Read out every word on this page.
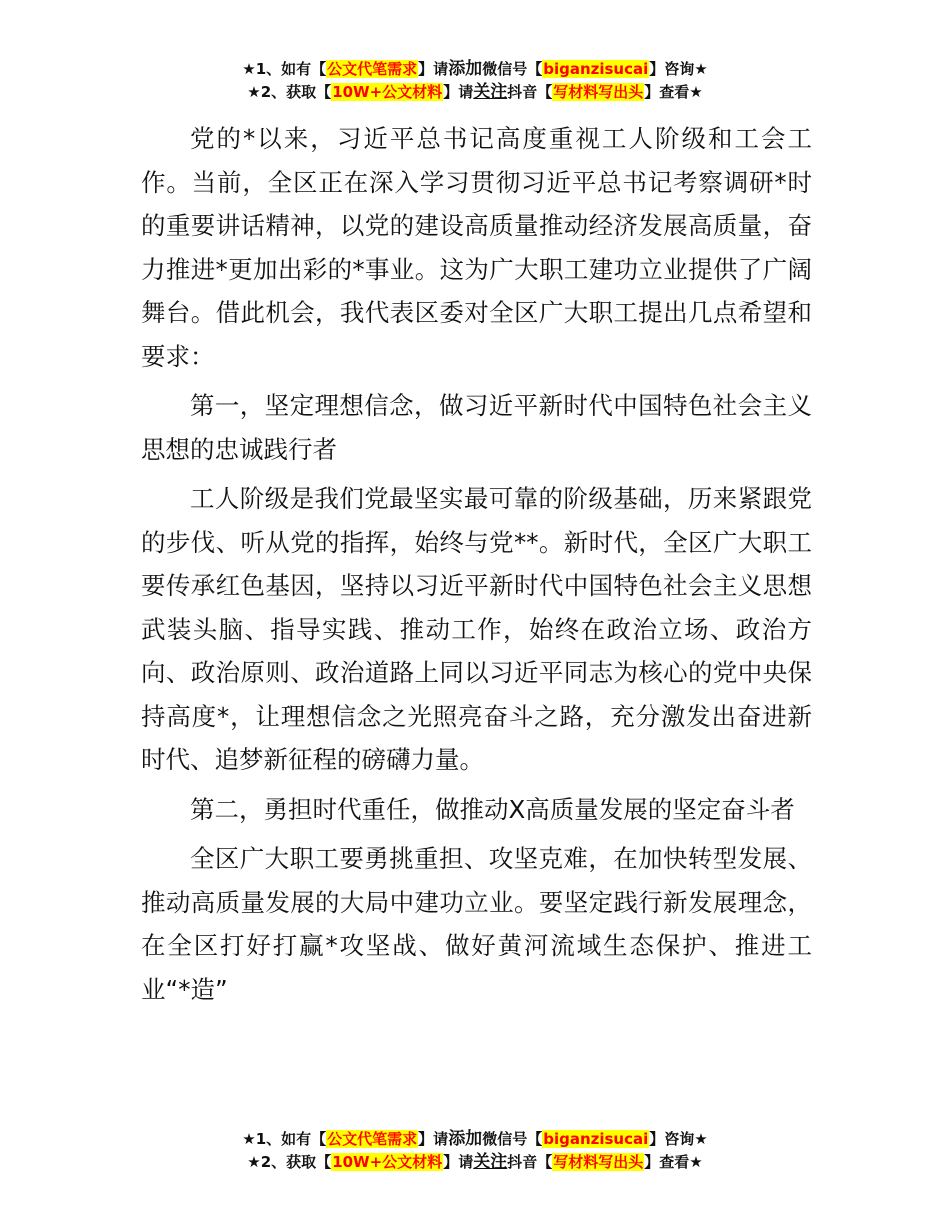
★1、如有【公文代笔需求】请添加微信号【biganzisucai】咨询★
★2、获取【10W+公文材料】请关注抖音【写材料写出头】查看★

党的*以来，习近平总书记高度重视工人阶级和工会工作。当前，全区正在深入学习贯彻习近平总书记考察调研*时的重要讲话精神，以党的建设高质量推动经济发展高质量，奋力推进*更加出彩的*事业。这为广大职工建功立业提供了广阔舞台。借此机会，我代表区委对全区广大职工提出几点希望和要求：

第一，坚定理想信念，做习近平新时代中国特色社会主义思想的忠诚践行者

工人阶级是我们党最坚实最可靠的阶级基础，历来紧跟党的步伐、听从党的指挥，始终与党**。新时代，全区广大职工要传承红色基因，坚持以习近平新时代中国特色社会主义思想武装头脑、指导实践、推动工作，始终在政治立场、政治方向、政治原则、政治道路上同以习近平同志为核心的党中央保持高度*，让理想信念之光照亮奋斗之路，充分激发出奋进新时代、追梦新征程的磅礴力量。

第二，勇担时代重任，做推动X高质量发展的坚定奋斗者

全区广大职工要勇挑重担、攻坚克难，在加快转型发展、推动高质量发展的大局中建功立业。要坚定践行新发展理念，在全区打好打赢*攻坚战、做好黄河流域生态保护、推进工业“*造”

★1、如有【公文代笔需求】请添加微信号【biganzisucai】咨询★
★2、获取【10W+公文材料】请关注抖音【写材料写出头】查看★
